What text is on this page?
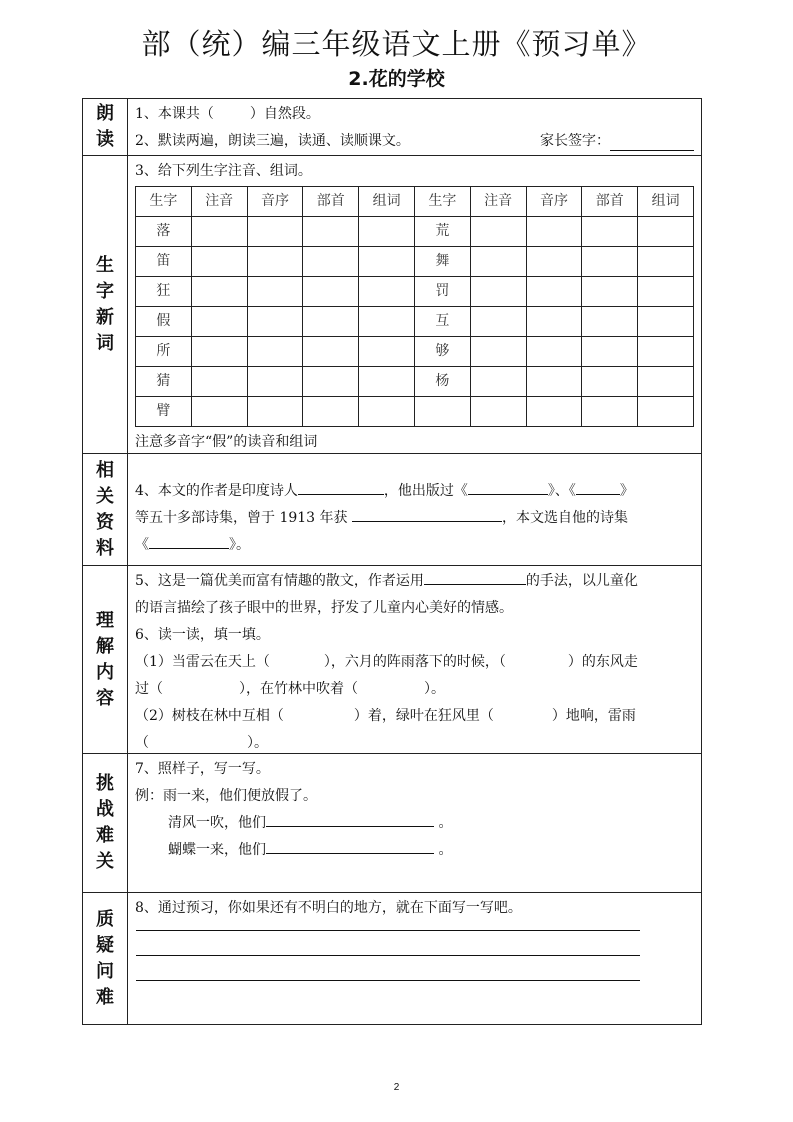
部（统）编三年级语文上册《预习单》
2.花的学校
朗
读
1、本课共（	）自然段。
2、默读两遍，朗读三遍，读通、读顺课文。	家长签字：
生
字
新
词
3、给下列生字注音、组词。
生字	注音	音序	部首	组词	生字	注音	音序	部首	组词
落					荒				
笛					舞				
狂					罚				
假					互				
所					够				
猜					杨				
臂									
注意多音字“假”的读音和组词
相
关
资
料
4、本文的作者是印度诗人	，他出版过《	》、《	》
等五十多部诗集，曾于 1913 年获	，本文选自他的诗集
《	》。
理
解
内
容
5、这是一篇优美而富有情趣的散文，作者运用	的手法，以儿童化
的语言描绘了孩子眼中的世界，抒发了儿童内心美好的情感。
6、读一读，填一填。
（1）当雷云在天上（	），六月的阵雨落下的时候，（	）的东风走
过（	），在竹林中吹着（	）。
（2）树枝在林中互相（	）着，绿叶在狂风里（	）地响，雷雨
（	）。
挑
战
难
关
7、照样子，写一写。
例：雨一来，他们便放假了。
清风一吹，他们	。
蝴蝶一来，他们	。
质
疑
问
难
8、通过预习，你如果还有不明白的地方，就在下面写一写吧。
2
